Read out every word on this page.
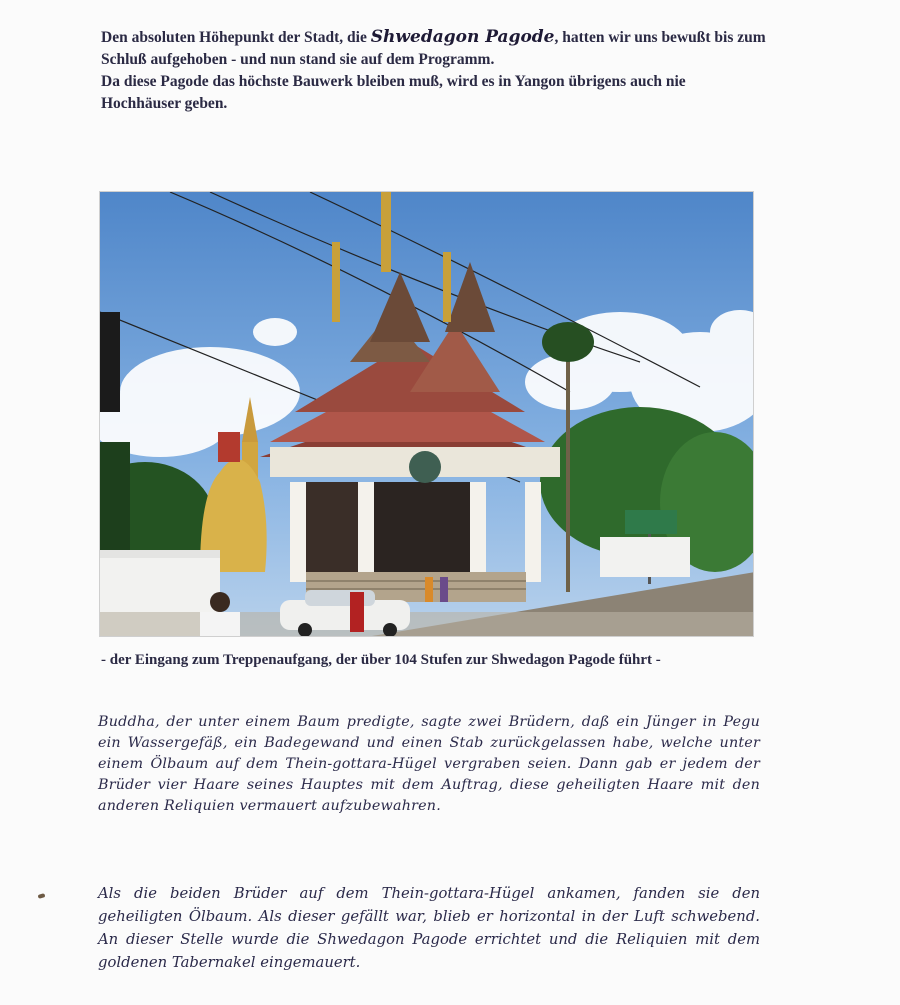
Den absoluten Höhepunkt der Stadt, die Shwedagon Pagode, hatten wir uns bewußt bis zum Schluß aufgehoben - und nun stand sie auf dem Programm.

Da diese Pagode das höchste Bauwerk bleiben muß, wird es in Yangon übrigens auch nie Hochhäuser geben.

- der Eingang zum Treppenaufgang, der über 104 Stufen zur Shwedagon Pagode führt -

Buddha, der unter einem Baum predigte, sagte zwei Brüdern, daß ein Jünger in Pegu ein Wassergefäß, ein Badegewand und einen Stab zurückgelassen habe, welche unter einem Ölbaum auf dem Thein-gottara-Hügel vergraben seien. Dann gab er jedem der Brüder vier Haare seines Hauptes mit dem Auftrag, diese geheiligten Haare mit den anderen Reliquien vermauert aufzubewahren.

Als die beiden Brüder auf dem Thein-gottara-Hügel ankamen, fanden sie den geheiligten Ölbaum. Als dieser gefällt war, blieb er horizontal in der Luft schwebend. An dieser Stelle wurde die Shwedagon Pagode errichtet und die Reliquien mit dem goldenen Tabernakel eingemauert.
